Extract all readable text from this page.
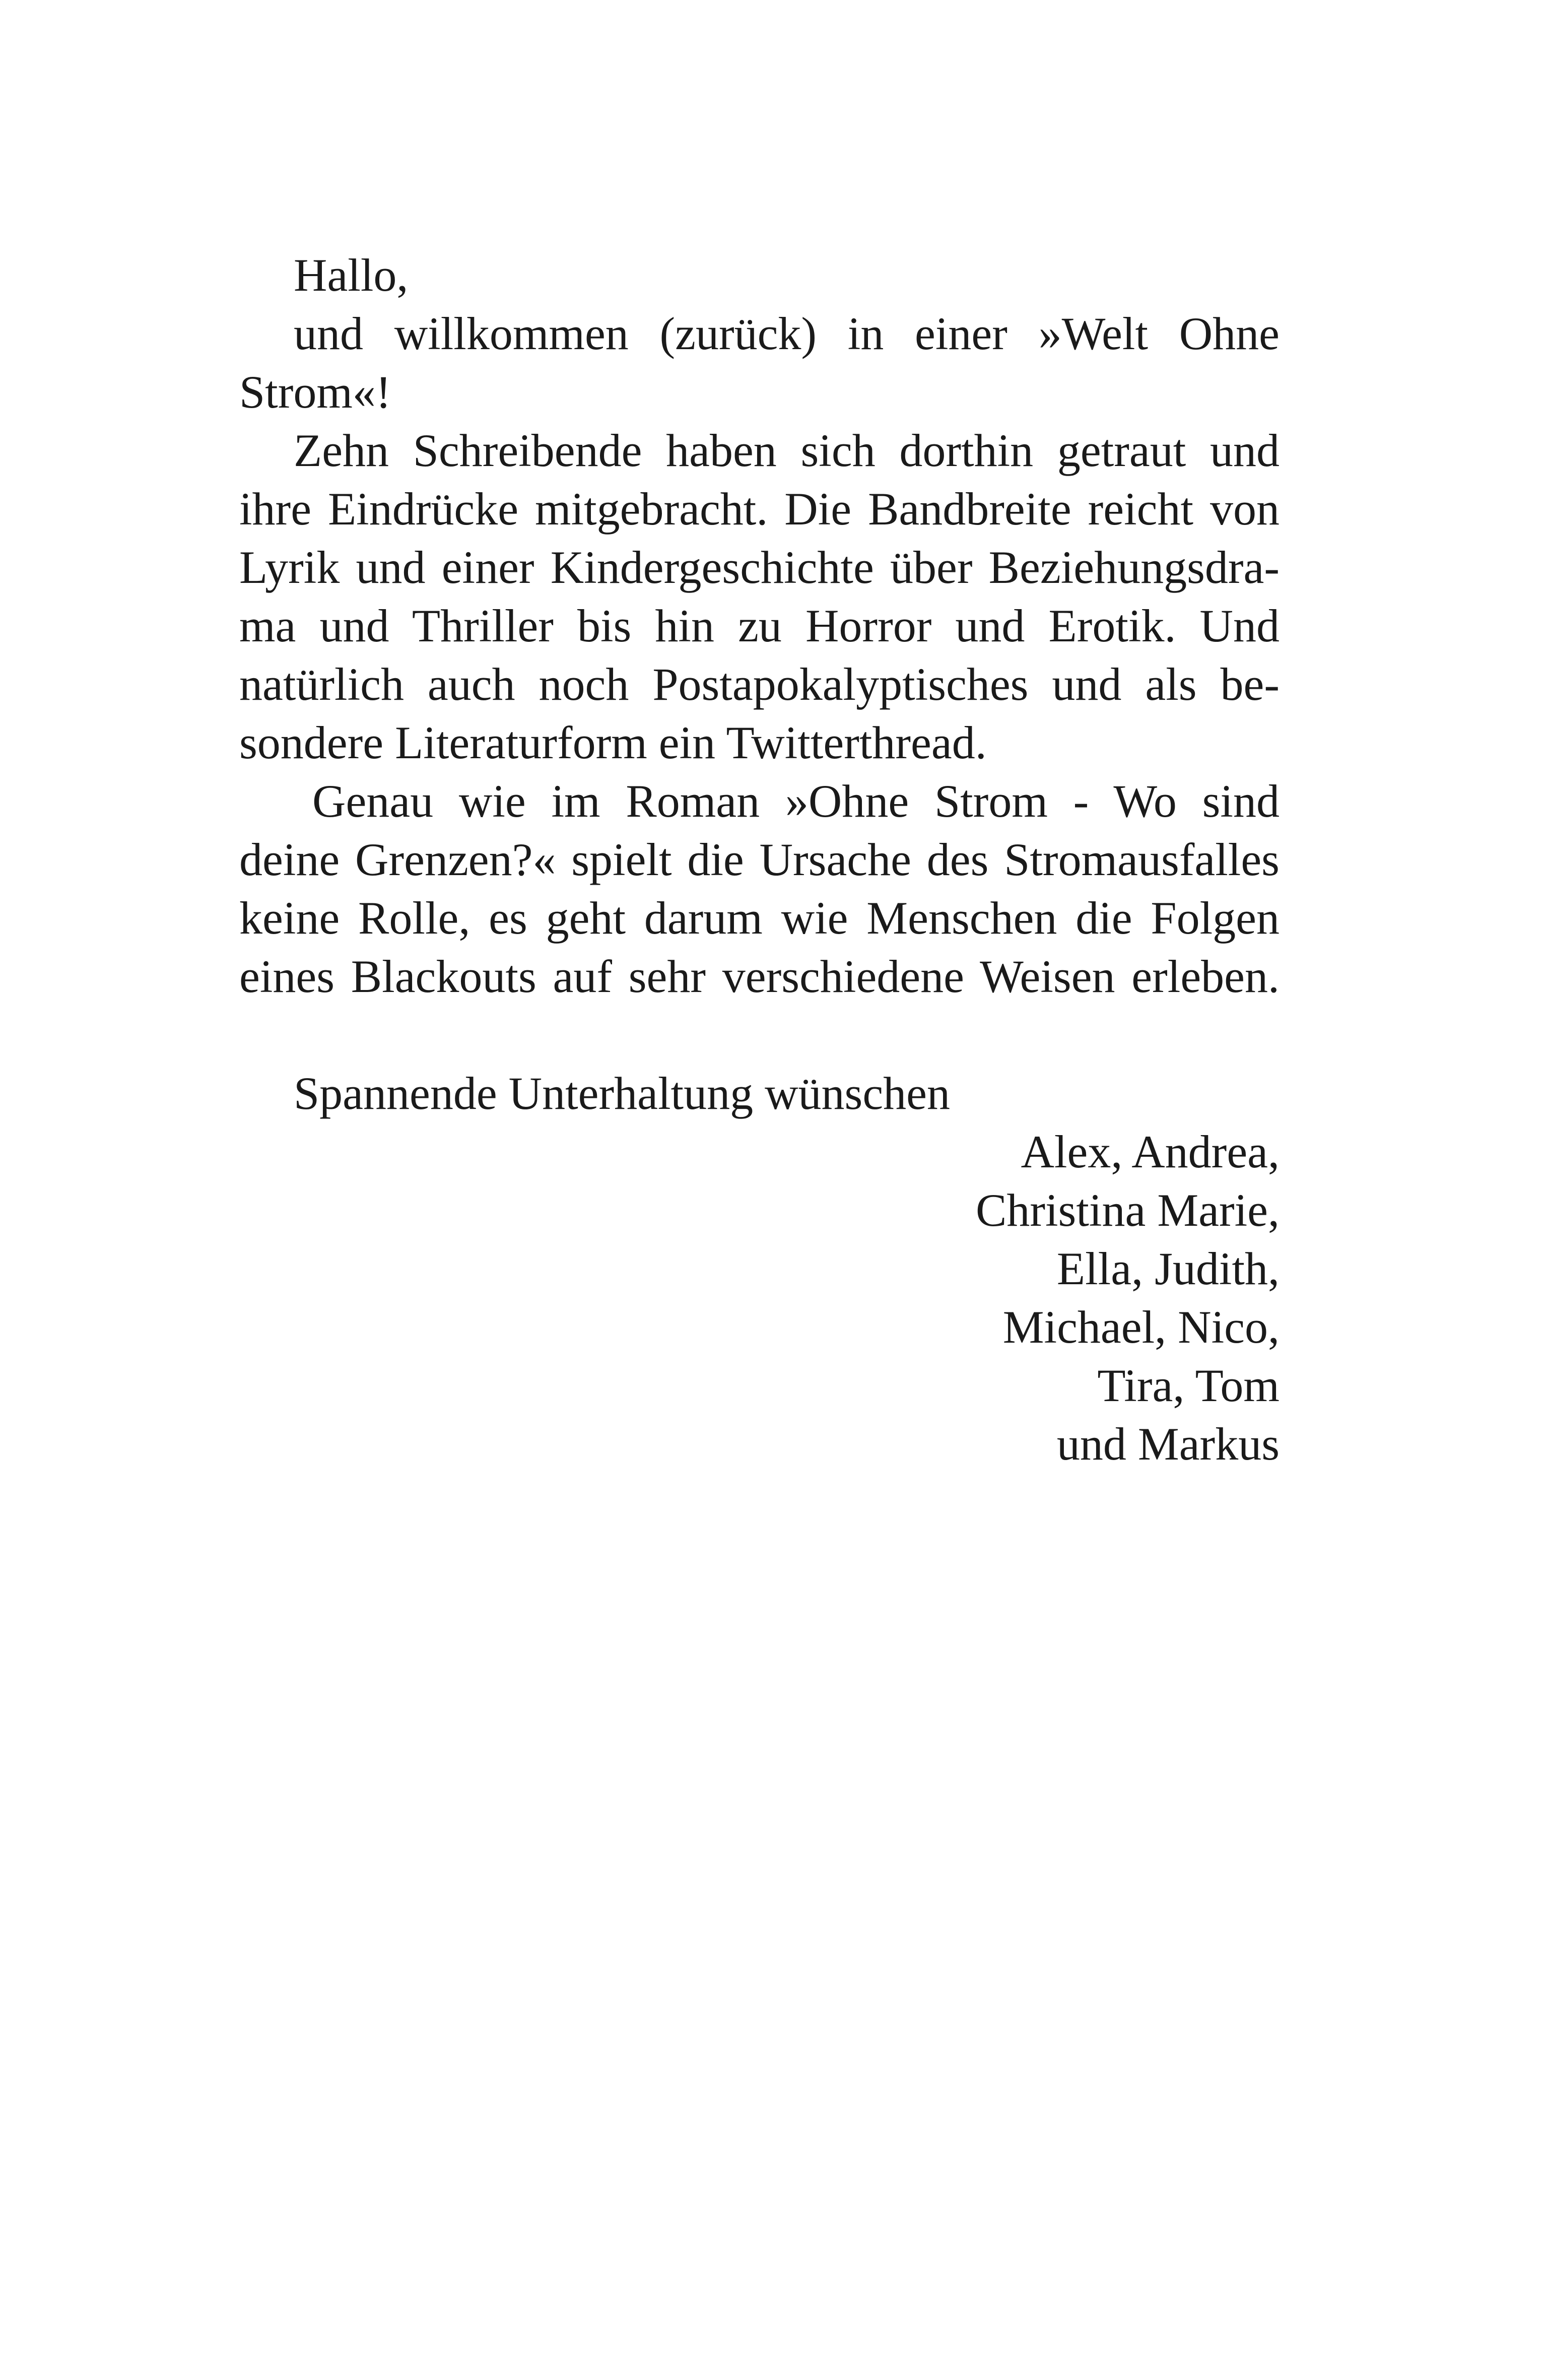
Hallo,
und willkommen (zurück) in einer »Welt Ohne
Strom«!
Zehn Schreibende haben sich dorthin getraut und
ihre Eindrücke mitgebracht. Die Bandbreite reicht von
Lyrik und einer Kindergeschichte über Beziehungsdra-
ma und Thriller bis hin zu Horror und Erotik. Und
natürlich auch noch Postapokalyptisches und als be-
sondere Literaturform ein Twitterthread.
Genau wie im Roman »Ohne Strom - Wo sind
deine Grenzen?« spielt die Ursache des Stromausfalles
keine Rolle, es geht darum wie Menschen die Folgen
eines Blackouts auf sehr verschiedene Weisen erleben.
Spannende Unterhaltung wünschen
Alex, Andrea,
Christina Marie,
Ella, Judith,
Michael, Nico,
Tira, Tom
und Markus
